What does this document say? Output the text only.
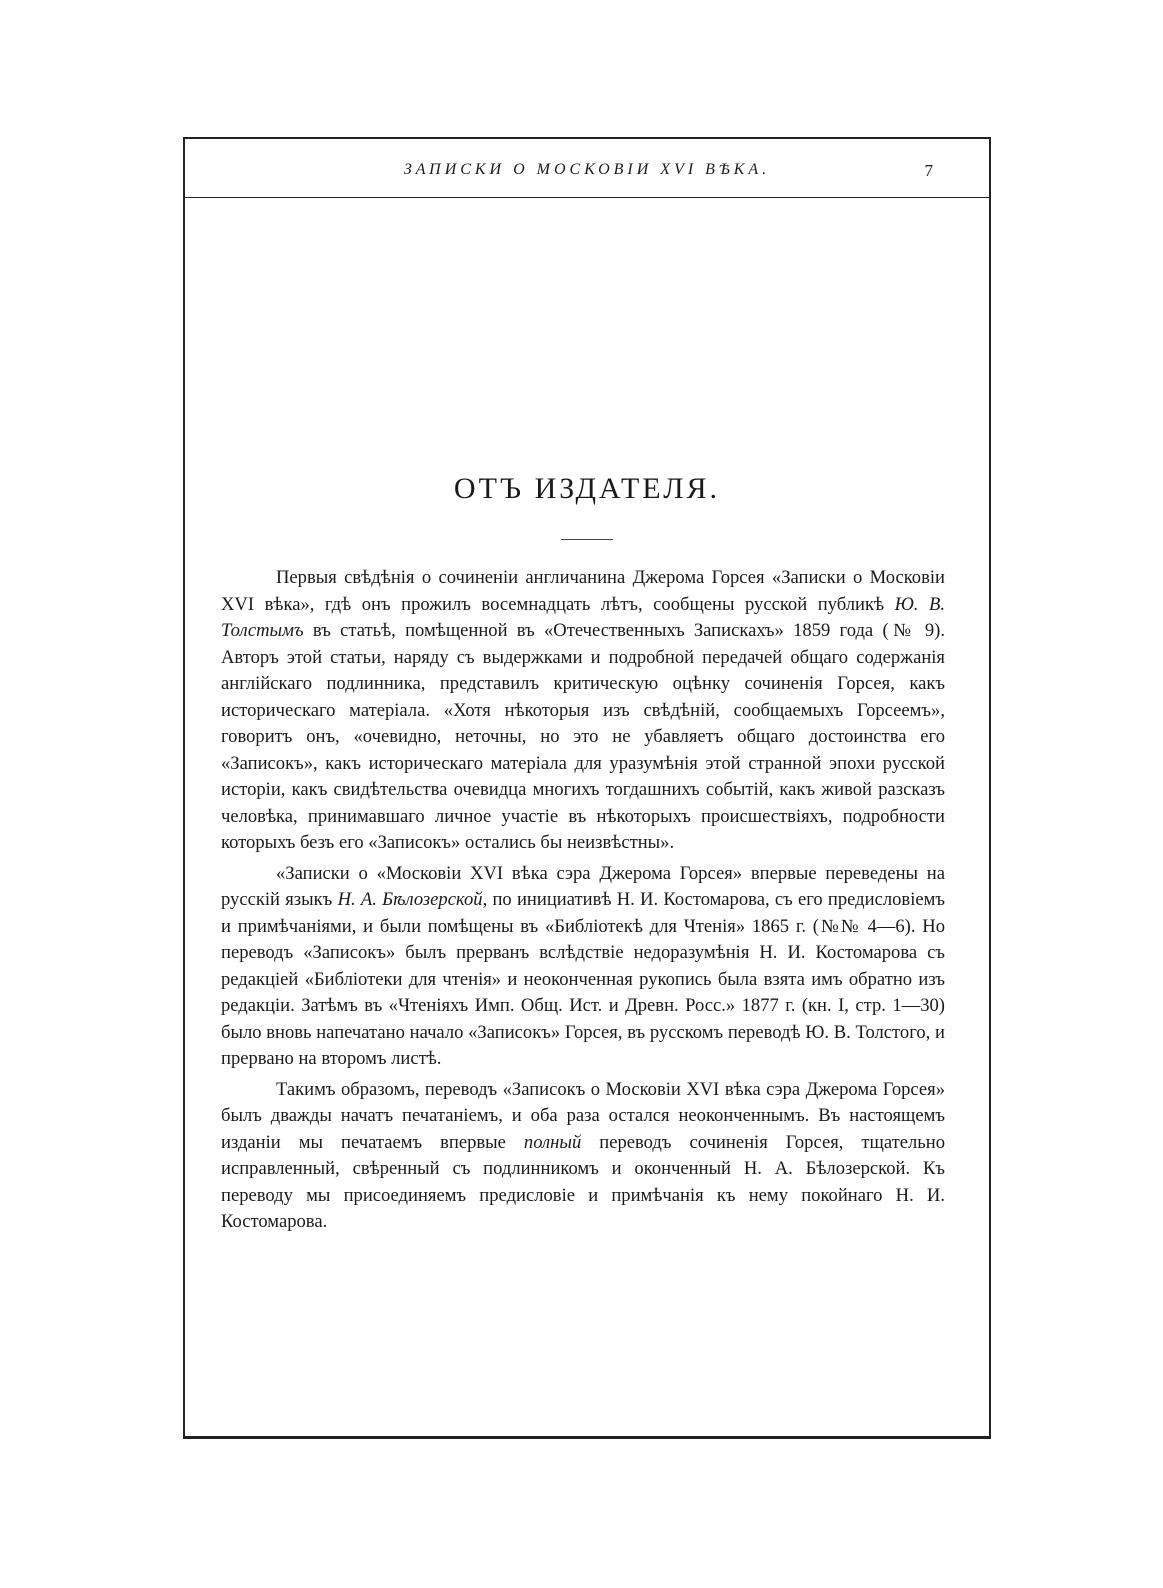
ЗАПИСКИ О МОСКОВІИ XVI ВѢКА.	7
ОТЪ ИЗДАТЕЛЯ.

Первыя свѣдѣнія о сочиненіи англичанина Джерома Горсея «Записки о Московіи XVI вѣка», гдѣ онъ прожилъ восемнадцать лѣтъ, сообщены русской публикѣ Ю. В. Толстымъ въ статьѣ, помѣщенной въ «Отечественныхъ Запискахъ» 1859 года (№ 9). Авторъ этой статьи, наряду съ выдержками и подробной передачей общаго содержанія англійскаго подлинника, представилъ критическую оцѣнку сочиненія Горсея, какъ историческаго матеріала. «Хотя нѣкоторыя изъ свѣдѣній, сообщаемыхъ Горсеемъ», говоритъ онъ, «очевидно, неточны, но это не убавляетъ общаго достоинства его «Записокъ», какъ историческаго матеріала для уразумѣнія этой странной эпохи русской исторіи, какъ свидѣтельства очевидца многихъ тогдашнихъ событій, какъ живой разсказъ человѣка, принимавшаго личное участіе въ нѣкоторыхъ происшествіяхъ, подробности которыхъ безъ его «Записокъ» остались бы неизвѣстны».

«Записки о «Московіи XVI вѣка сэра Джерома Горсея» впервые переведены на русскій языкъ Н. А. Бѣлозерской, по инициативѣ Н. И. Костомарова, съ его предисловіемъ и примѣчаніями, и были помѣщены въ «Библіотекѣ для Чтенія» 1865 г. (№№ 4—6). Но переводъ «Записокъ» былъ прерванъ вслѣдствіе недоразумѣнія Н. И. Костомарова съ редакціей «Библіотеки для чтенія» и неоконченная рукопись была взята имъ обратно изъ редакціи. Затѣмъ въ «Чтеніяхъ Имп. Общ. Ист. и Древн. Росс.» 1877 г. (кн. I, стр. 1—30) было вновь напечатано начало «Записокъ» Горсея, въ русскомъ переводѣ Ю. В. Толстого, и прервано на второмъ листѣ.

Такимъ образомъ, переводъ «Записокъ о Московіи XVI вѣка сэра Джерома Горсея» былъ дважды начатъ печатаніемъ, и оба раза остался неоконченнымъ. Въ настоящемъ изданіи мы печатаемъ впервые полный переводъ сочиненія Горсея, тщательно исправленный, свѣренный съ подлинникомъ и оконченный Н. А. Бѣлозерской. Къ переводу мы присоединяемъ предисловіе и примѣчанія къ нему покойнаго Н. И. Костомарова.
